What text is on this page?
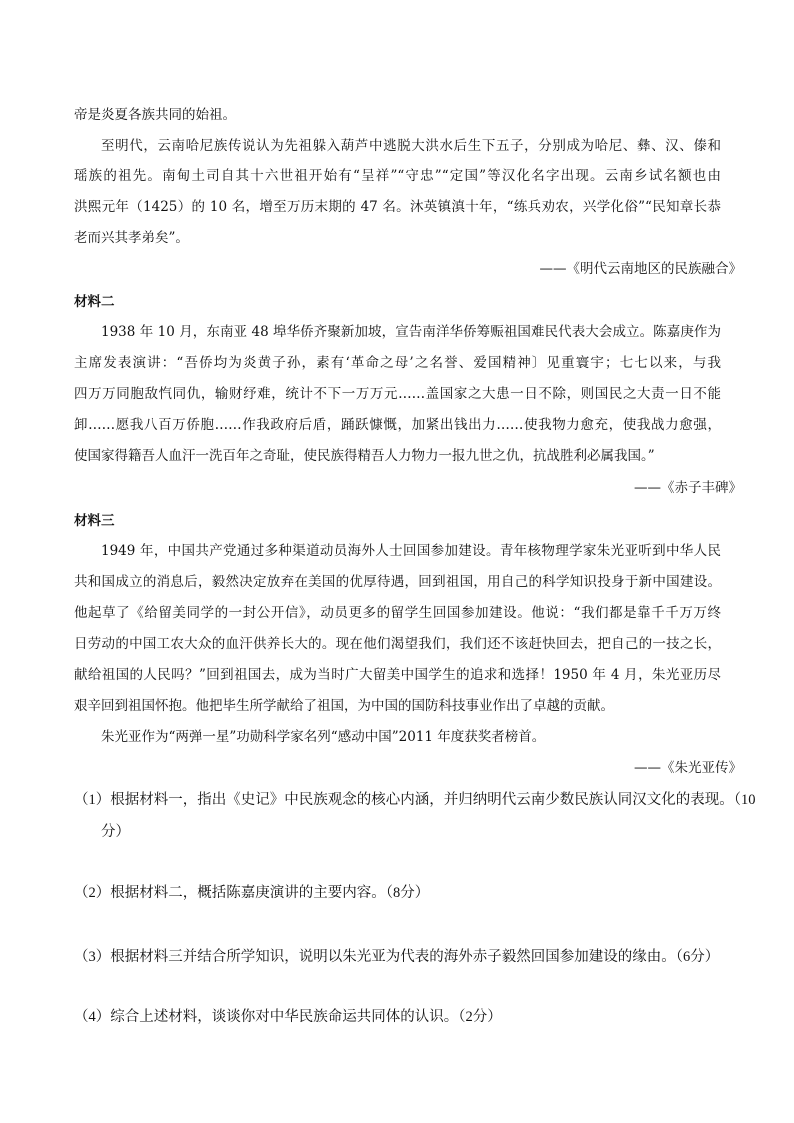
帝是炎夏各族共同的始祖。
至明代，云南哈尼族传说认为先祖躲入葫芦中逃脱大洪水后生下五子，分别成为哈尼、彝、汉、傣和
瑶族的祖先。南甸土司自其十六世祖开始有“呈祥”“守忠”“定国”等汉化名字出现。云南乡试名额也由
洪熙元年（1425）的 10 名，增至万历末期的 47 名。沐英镇滇十年，“练兵劝农，兴学化俗”“民知章长恭
老而兴其孝弟矣”。
——《明代云南地区的民族融合》
材料二
1938 年 10 月，东南亚 48 埠华侨齐聚新加坡，宣告南洋华侨筹赈祖国难民代表大会成立。陈嘉庚作为
主席发表演讲：“吾侨均为炎黄子孙，素有‘革命之母’之名誉、爱国精神〕见重寰宇；七七以来，与我
四万万同胞敌忾同仇，输财纾难，统计不下一万万元……盖国家之大患一日不除，则国民之大责一日不能
卸……愿我八百万侨胞……作我政府后盾，踊跃慷慨，加紧出钱出力……使我物力愈充，使我战力愈强，
使国家得籍吾人血汗一洗百年之奇耻，使民族得精吾人力物力一报九世之仇，抗战胜利必属我国。”
——《赤子丰碑》
材料三
1949 年，中国共产党通过多种渠道动员海外人士回国参加建设。青年核物理学家朱光亚听到中华人民
共和国成立的消息后，毅然决定放弃在美国的优厚待遇，回到祖国，用自己的科学知识投身于新中国建设。
他起草了《给留美同学的一封公开信》，动员更多的留学生回国参加建设。他说：“我们都是靠千千万万终
日劳动的中国工农大众的血汗供养长大的。现在他们渴望我们，我们还不该赶快回去，把自己的一技之长，
献给祖国的人民吗？”回到祖国去，成为当时广大留美中国学生的追求和选择！1950 年 4 月，朱光亚历尽
艰辛回到祖国怀抱。他把毕生所学献给了祖国，为中国的国防科技事业作出了卓越的贡献。
朱光亚作为“两弹一星”功勋科学家名列“感动中国”2011 年度获奖者榜首。
——《朱光亚传》
（1）根据材料一，指出《史记》中民族观念的核心内涵，并归纳明代云南少数民族认同汉文化的表现。（10
分）
（2）根据材料二，概括陈嘉庚演讲的主要内容。（8分）
（3）根据材料三并结合所学知识，说明以朱光亚为代表的海外赤子毅然回国参加建设的缘由。（6分）
（4）综合上述材料，谈谈你对中华民族命运共同体的认识。（2分）
